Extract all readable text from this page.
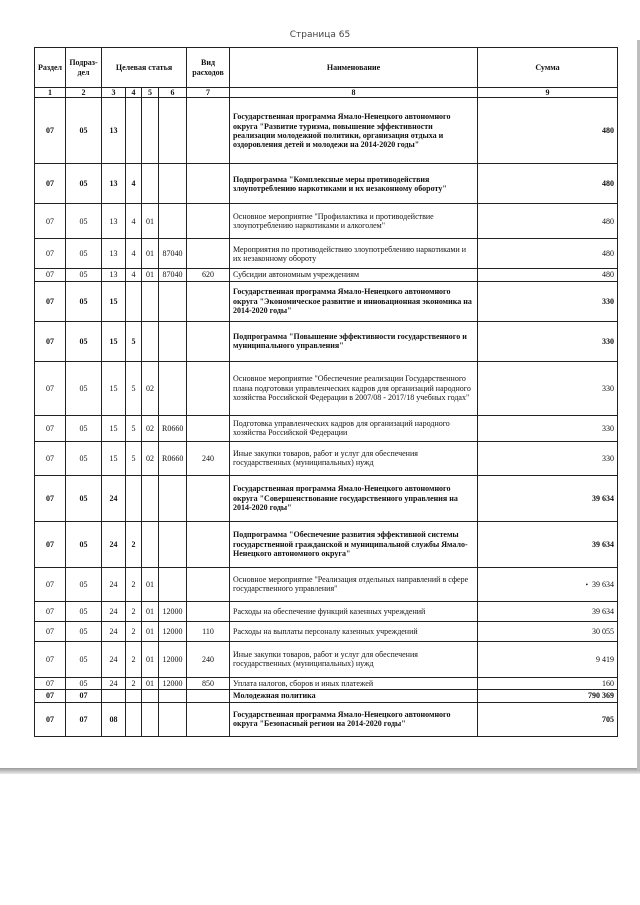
Страница 65
Раздел	Подраз-дел	Целевая статья				Вид расходов	Наименование	Сумма
1	2	3	4	5	6	7	8	9
07	05	13					Государственная программа Ямало-Ненецкого автономного округа "Развитие туризма, повышение эффективности реализации молодежной политики, организация отдыха и оздоровления детей и молодежи на 2014-2020 годы"	480
07	05	13	4				Подпрограмма "Комплексные меры противодействия злоупотреблению наркотиками и их незаконному обороту"	480
07	05	13	4	01			Основное мероприятие "Профилактика и противодействие злоупотреблению наркотиками и алкоголем"	480
07	05	13	4	01	87040		Мероприятия по противодействию злоупотреблению наркотиками и их незаконному обороту	480
07	05	13	4	01	87040	620	Субсидии автономным учреждениям	480
07	05	15					Государственная программа Ямало-Ненецкого автономного округа "Экономическое развитие и инновационная экономика на 2014-2020 годы"	330
07	05	15	5				Подпрограмма "Повышение эффективности государственного и муниципального управления"	330
07	05	15	5	02			Основное мероприятие "Обеспечение реализации Государственного плана подготовки управленческих кадров для организаций народного хозяйства Российской Федерации в 2007/08 - 2017/18 учебных годах"	330
07	05	15	5	02	R0660		Подготовка управленческих кадров для организаций народного хозяйства Российской Федерации	330
07	05	15	5	02	R0660	240	Иные закупки товаров, работ и услуг для обеспечения государственных (муниципальных) нужд	330
07	05	24					Государственная программа Ямало-Ненецкого автономного округа "Совершенствование государственного управления на 2014-2020 годы"	39 634
07	05	24	2				Подпрограмма "Обеспечение развития эффективной системы государственной гражданской и муниципальной службы Ямало-Ненецкого автономного округа"	39 634
07	05	24	2	01			Основное мероприятие "Реализация отдельных направлений в сфере государственного управления"	• 39 634
07	05	24	2	01	12000		Расходы на обеспечение функций казенных учреждений	39 634
07	05	24	2	01	12000	110	Расходы на выплаты персоналу казенных учреждений	30 055
07	05	24	2	01	12000	240	Иные закупки товаров, работ и услуг для обеспечения государственных (муниципальных) нужд	9 419
07	05	24	2	01	12000	850	Уплата налогов, сборов и иных платежей	160
07	07						Молодежная политика	790 369
07	07	08					Государственная программа Ямало-Ненецкого автономного округа "Безопасный регион на 2014-2020 годы"	705
